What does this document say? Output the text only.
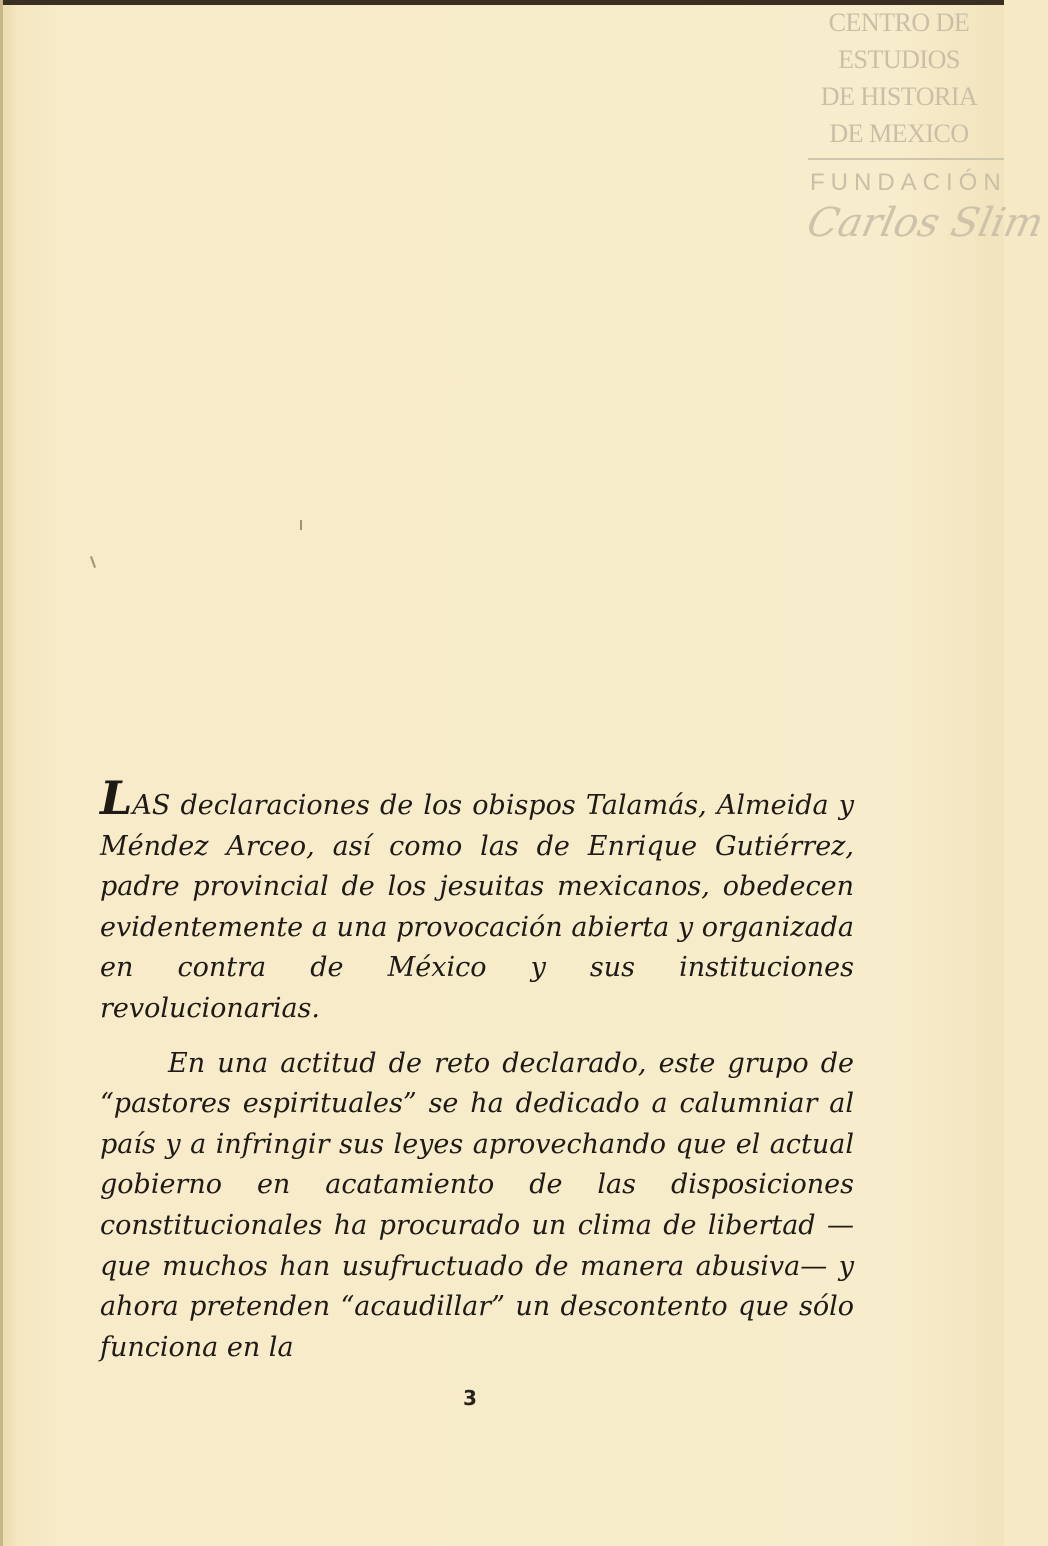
CENTRO DE
ESTUDIOS
DE HISTORIA
DE MEXICO
FUNDACIÓN
Carlos Slim

LAS declaraciones de los obispos Talamás, Almeida y Méndez Arceo, así como las de Enrique Gutiérrez, padre provincial de los jesuitas mexicanos, obedecen evidentemente a una provocación abierta y organizada en contra de México y sus instituciones revolucionarias.

En una actitud de reto declarado, este grupo de “pastores espirituales” se ha dedicado a calumniar al país y a infringir sus leyes aprovechando que el actual gobierno en acatamiento de las disposiciones constitucionales ha procurado un clima de libertad —que muchos han usufructuado de manera abusiva— y ahora pretenden “acaudillar” un descontento que sólo funciona en la

3
